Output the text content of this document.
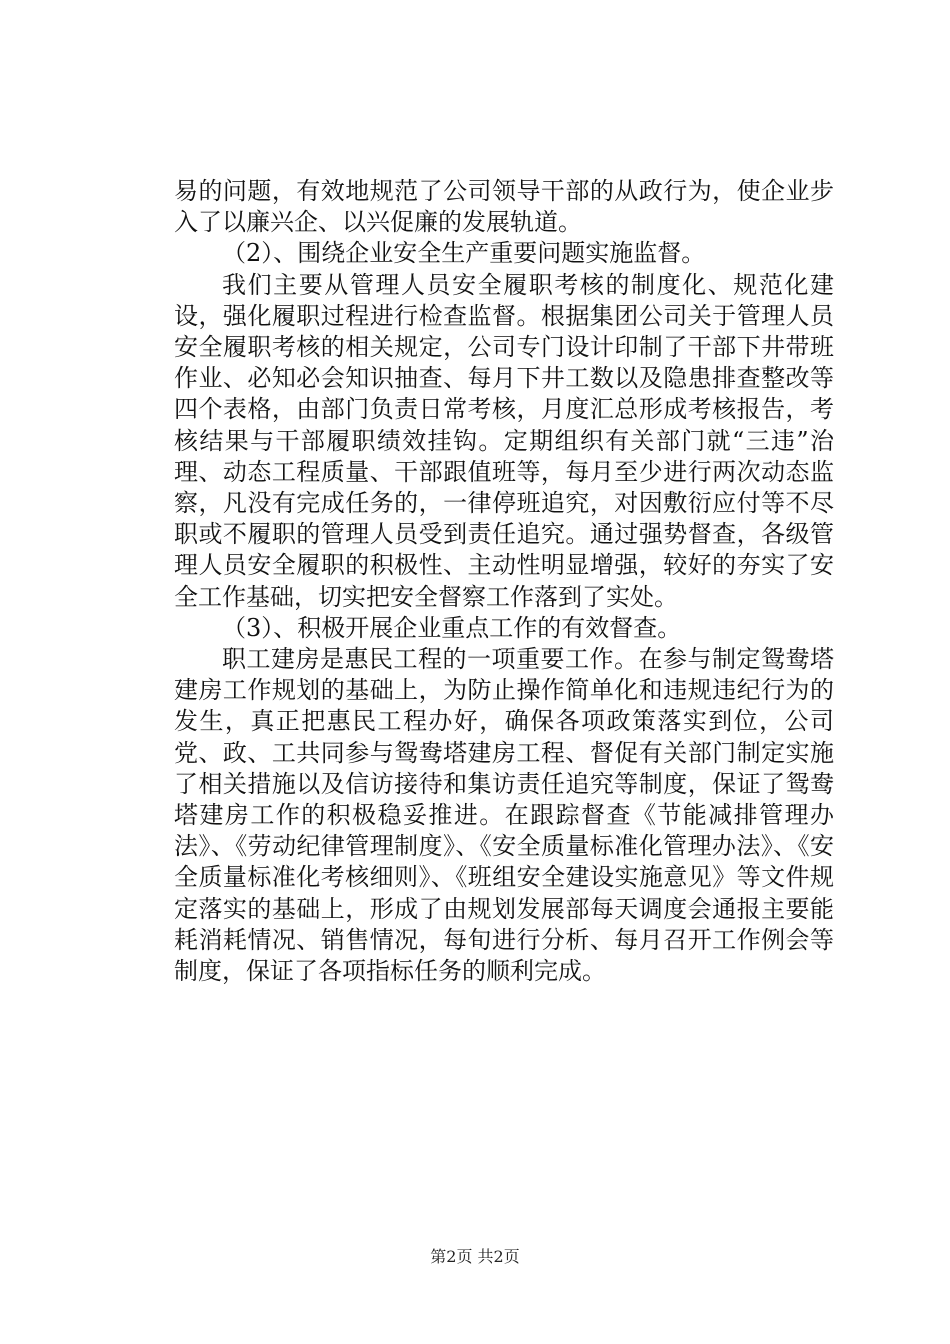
易的问题，有效地规范了公司领导干部的从政行为，使企业步入了以廉兴企、以兴促廉的发展轨道。

（2）、围绕企业安全生产重要问题实施监督。

我们主要从管理人员安全履职考核的制度化、规范化建设，强化履职过程进行检查监督。根据集团公司关于管理人员安全履职考核的相关规定，公司专门设计印制了干部下井带班作业、必知必会知识抽查、每月下井工数以及隐患排查整改等四个表格，由部门负责日常考核，月度汇总形成考核报告，考核结果与干部履职绩效挂钩。定期组织有关部门就“三违”治理、动态工程质量、干部跟值班等，每月至少进行两次动态监察，凡没有完成任务的，一律停班追究，对因敷衍应付等不尽职或不履职的管理人员受到责任追究。通过强势督查，各级管理人员安全履职的积极性、主动性明显增强，较好的夯实了安全工作基础，切实把安全督察工作落到了实处。

（3）、积极开展企业重点工作的有效督查。

职工建房是惠民工程的一项重要工作。在参与制定鸳鸯塔建房工作规划的基础上，为防止操作简单化和违规违纪行为的发生，真正把惠民工程办好，确保各项政策落实到位，公司党、政、工共同参与鸳鸯塔建房工程、督促有关部门制定实施了相关措施以及信访接待和集访责任追究等制度，保证了鸳鸯塔建房工作的积极稳妥推进。在跟踪督查《节能减排管理办法》、《劳动纪律管理制度》、《安全质量标准化管理办法》、《安全质量标准化考核细则》、《班组安全建设实施意见》等文件规定落实的基础上，形成了由规划发展部每天调度会通报主要能耗消耗情况、销售情况，每旬进行分析、每月召开工作例会等制度，保证了各项指标任务的顺利完成。

第2页 共2页
